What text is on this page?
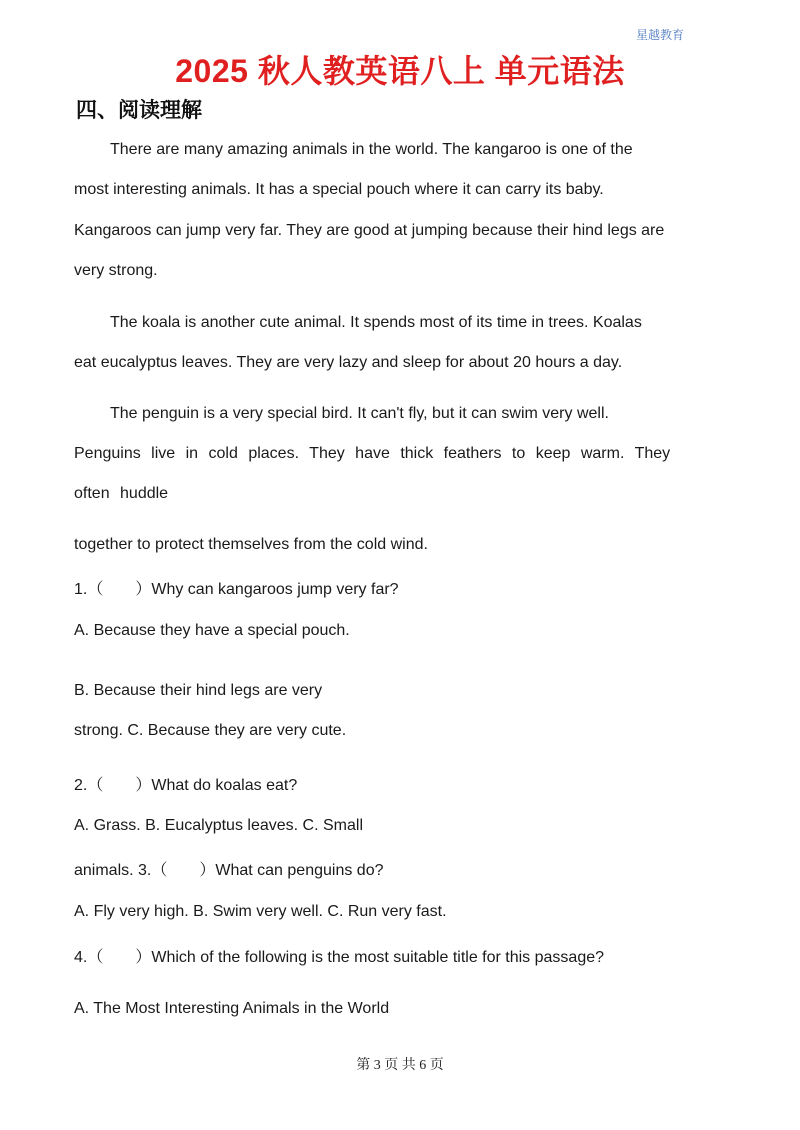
星越教育
2025 秋人教英语八上 单元语法
四、阅读理解
There are many amazing animals in the world. The kangaroo is one of the
most interesting animals. It has a special pouch where it can carry its baby.
Kangaroos can jump very far. They are good at jumping because their hind legs are
very strong.
The koala is another cute animal. It spends most of its time in trees. Koalas
eat eucalyptus leaves. They are very lazy and sleep for about 20 hours a day.
The penguin is a very special bird. It can't fly, but it can swim very well.
Penguins live in cold places. They have thick feathers to keep warm. They
often huddle
together to protect themselves from the cold wind.
1.（　　）Why can kangaroos jump very far?
A. Because they have a special pouch.
B. Because their hind legs are very
strong. C. Because they are very cute.
2.（　　）What do koalas eat?
A. Grass. B. Eucalyptus leaves. C. Small
animals. 3.（　　）What can penguins do?
A. Fly very high. B. Swim very well. C. Run very fast.
4.（　　）Which of the following is the most suitable title for this passage?
A. The Most Interesting Animals in the World
第 3 页 共 6 页
